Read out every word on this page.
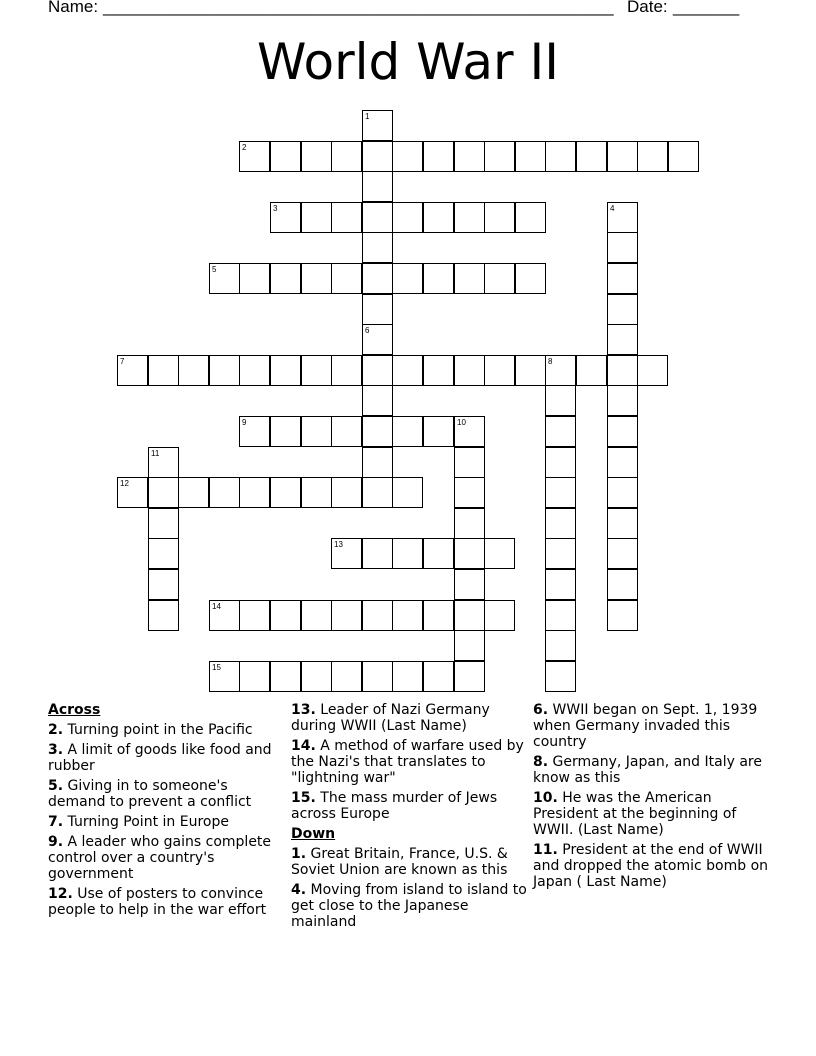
Name: ______________________________________________________ Date: _______
World War II
1
6
2
3	4
5
7	8
9	10
11
12
13
14
15
Across
2. Turning point in the Pacific
3. A limit of goods like food and rubber
5. Giving in to someone's demand to prevent a conflict
7. Turning Point in Europe
9. A leader who gains complete control over a country's government
12. Use of posters to convince people to help in the war effort
13. Leader of Nazi Germany during WWII (Last Name)
14. A method of warfare used by the Nazi's that translates to "lightning war"
15. The mass murder of Jews across Europe
Down
1. Great Britain, France, U.S. & Soviet Union are known as this
4. Moving from island to island to get close to the Japanese mainland
6. WWII began on Sept. 1, 1939 when Germany invaded this country
8. Germany, Japan, and Italy are know as this
10. He was the American President at the beginning of WWII. (Last Name)
11. President at the end of WWII and dropped the atomic bomb on Japan ( Last Name)
